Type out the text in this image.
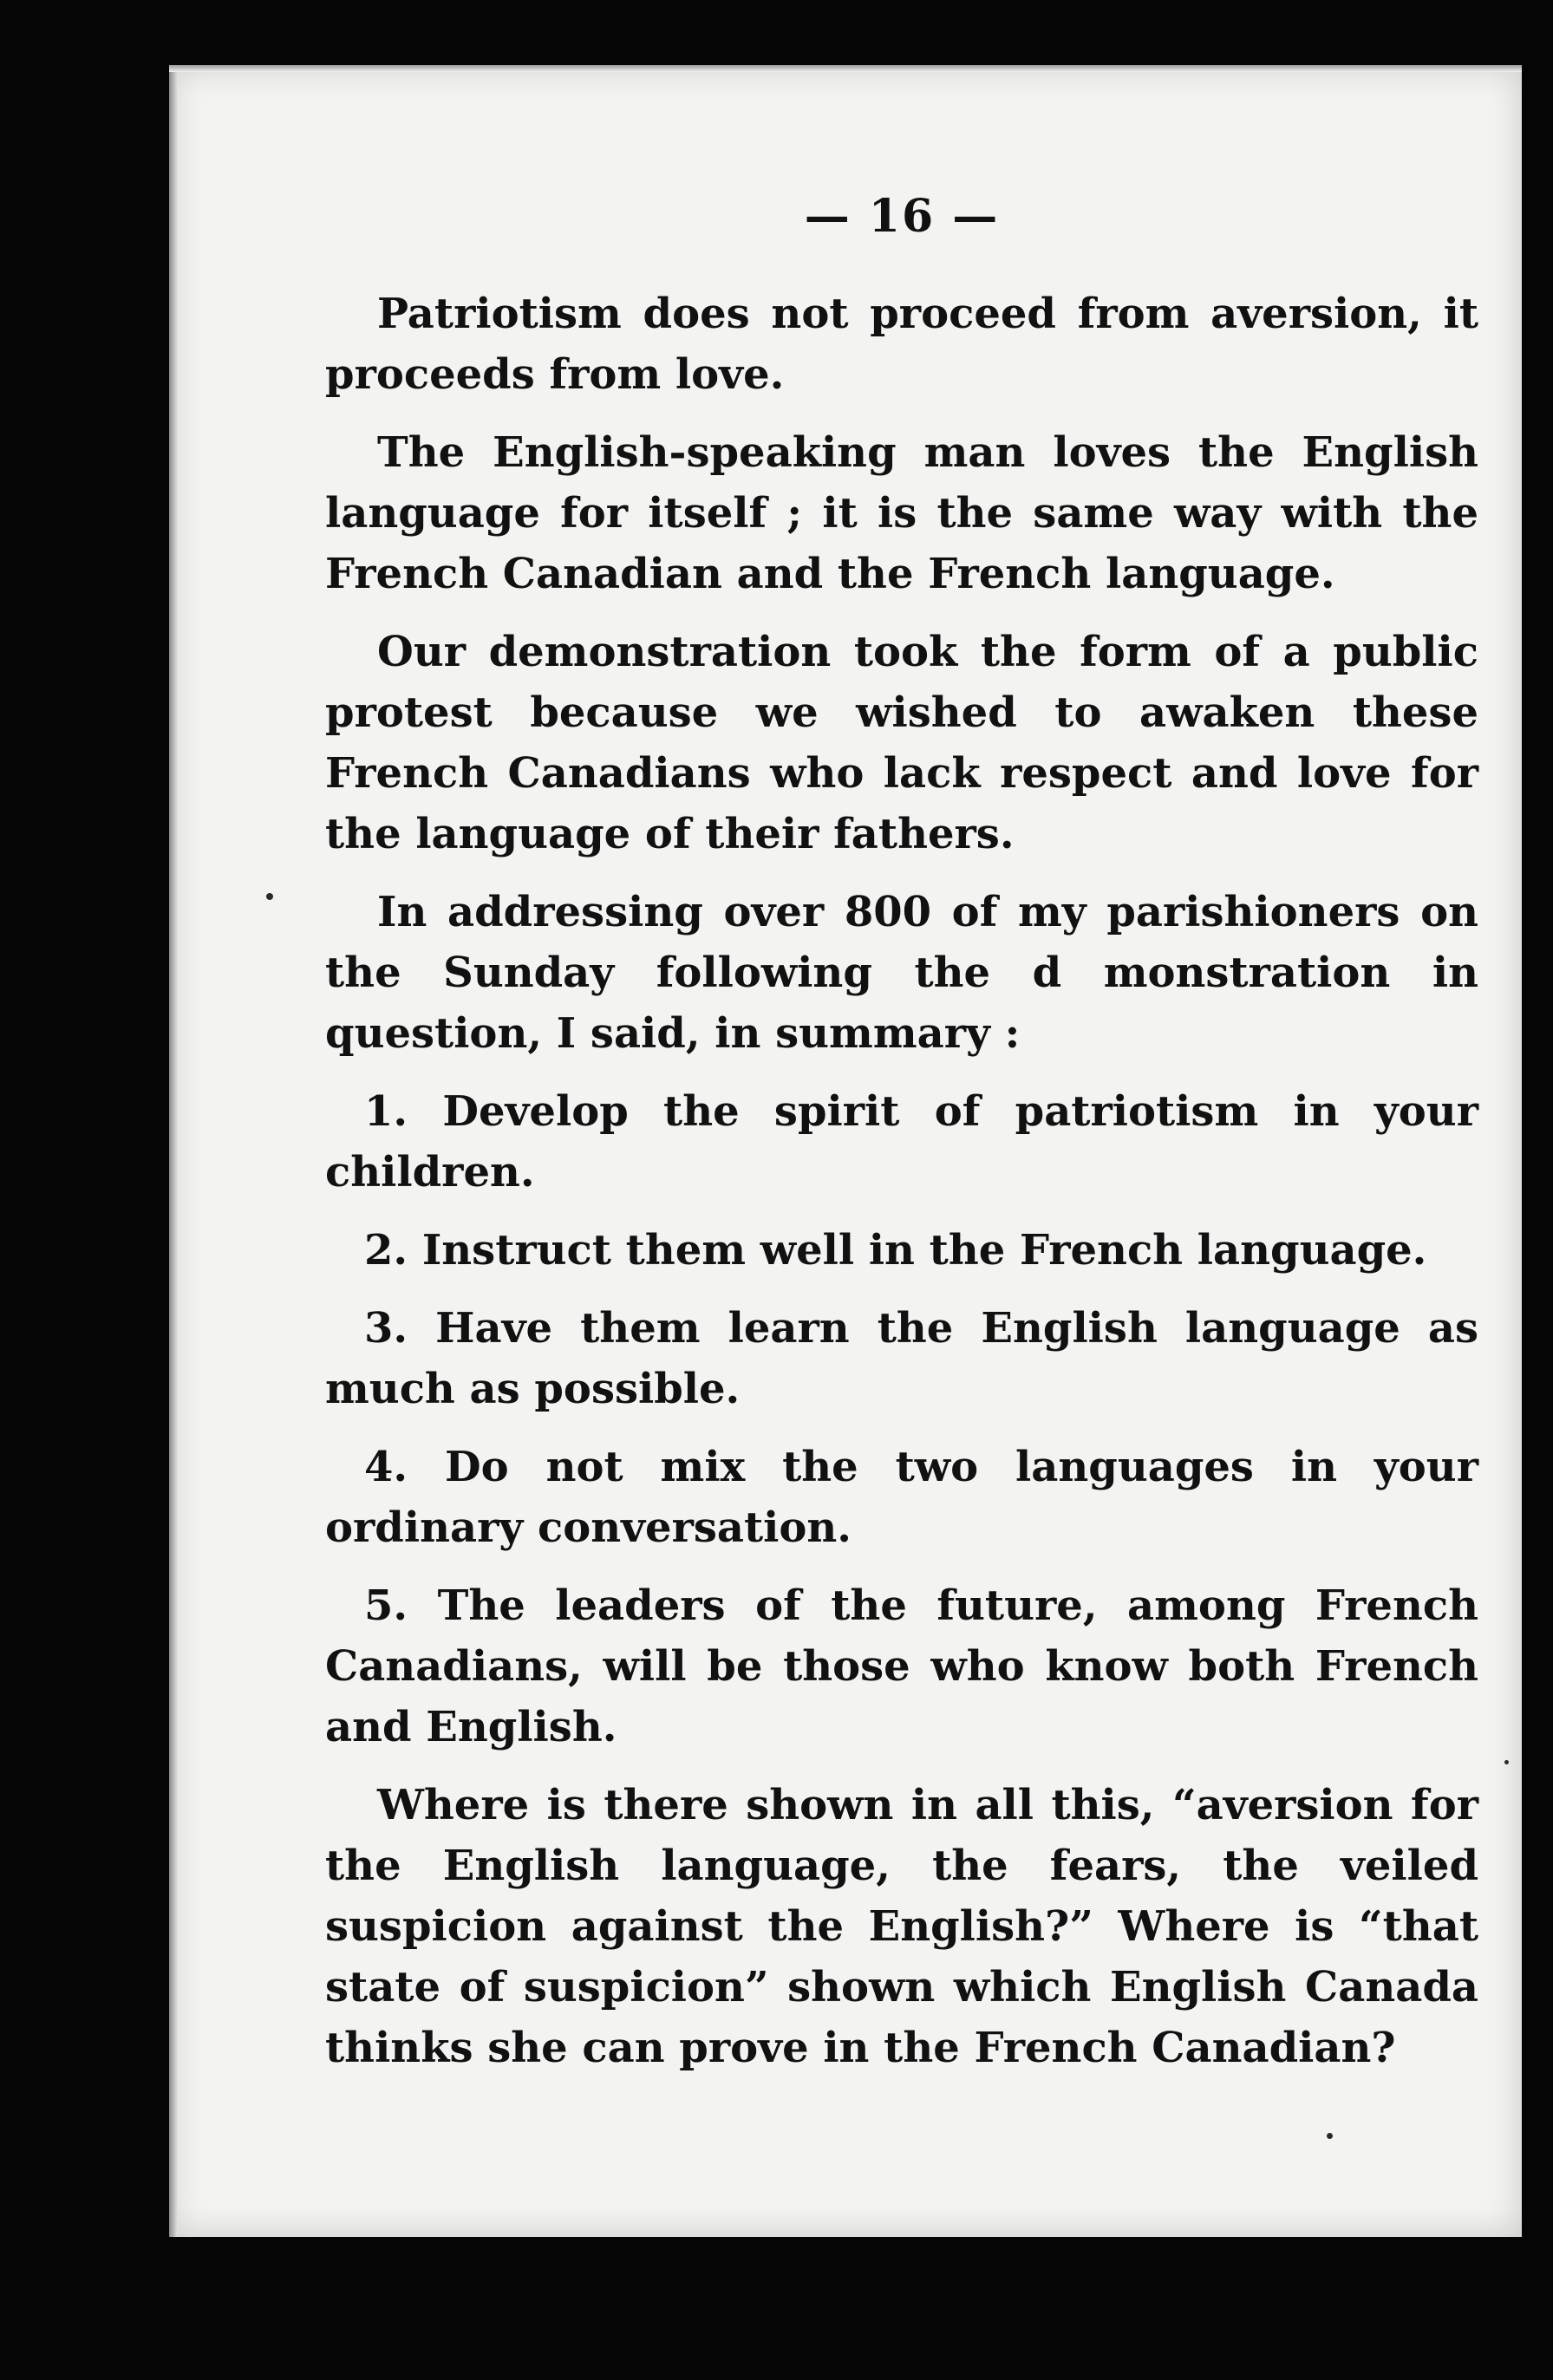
— 16 —

Patriotism does not proceed from aversion, it proceeds from love.

The English-speaking man loves the English language for itself ; it is the same way with the French Canadian and the French language.

Our demonstration took the form of a public protest because we wished to awaken these French Canadians who lack respect and love for the language of their fathers.

In addressing over 800 of my parishioners on the Sunday following the d monstration in question, I said, in summary :

1. Develop the spirit of patriotism in your children.

2. Instruct them well in the French language.

3. Have them learn the English language as much as possible.

4. Do not mix the two languages in your ordinary conversation.

5. The leaders of the future, among French Canadians, will be those who know both French and English.

Where is there shown in all this, “aversion for the English language, the fears, the veiled suspicion against the English?” Where is “that state of suspicion” shown which English Canada thinks she can prove in the French Canadian?
